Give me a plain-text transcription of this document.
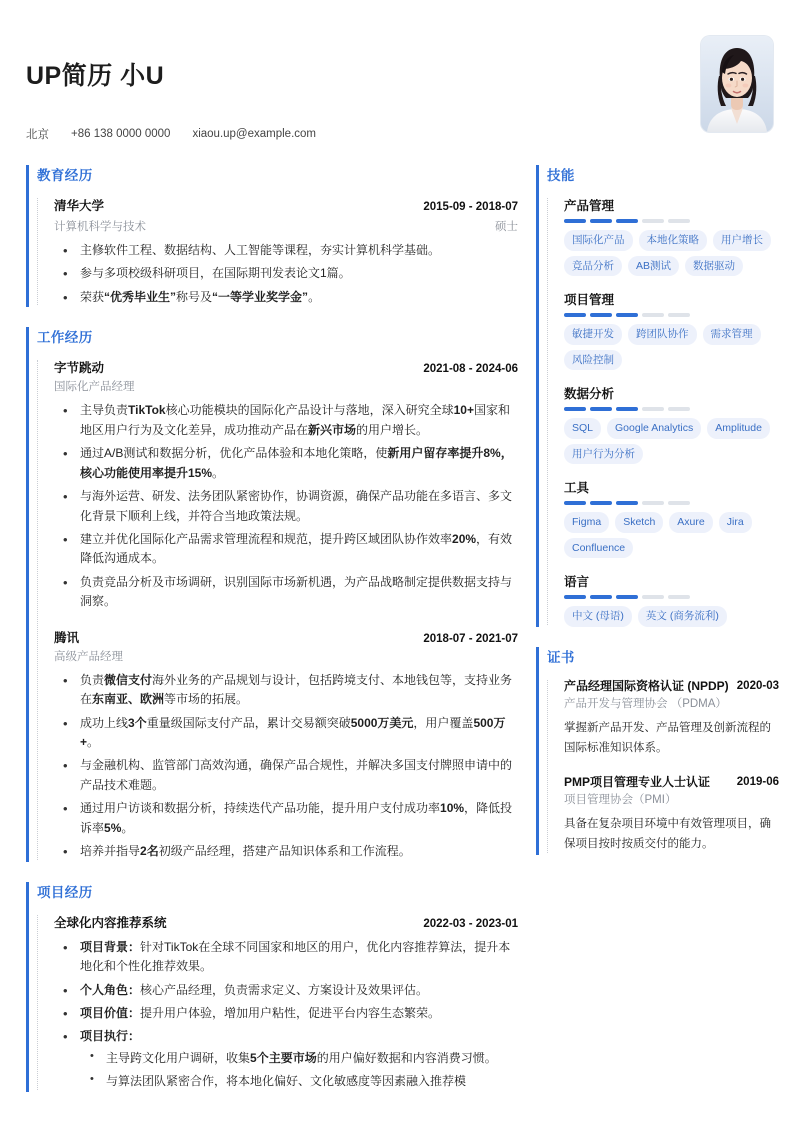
UP简历 小U
北京 +86 138 0000 0000 xiaou.up@example.com
教育经历
清华大学	2015-09 - 2018-07
计算机科学与技术	硕士
• 主修软件工程、数据结构、人工智能等课程，夯实计算机科学基础。
• 参与多项校级科研项目，在国际期刊发表论文1篇。
• 荣获“优秀毕业生”称号及“一等学业奖学金”。
工作经历
字节跳动	2021-08 - 2024-06
国际化产品经理
• 主导负责TikTok核心功能模块的国际化产品设计与落地，深入研究全球10+国家和地区用户行为及文化差异，成功推动产品在新兴市场的用户增长。
• 通过A/B测试和数据分析，优化产品体验和本地化策略，使新用户留存率提升8%，核心功能使用率提升15%。
• 与海外运营、研发、法务团队紧密协作，协调资源，确保产品功能在多语言、多文化背景下顺利上线，并符合当地政策法规。
• 建立并优化国际化产品需求管理流程和规范，提升跨区域团队协作效率20%，有效降低沟通成本。
• 负责竞品分析及市场调研，识别国际市场新机遇，为产品战略制定提供数据支持与洞察。
腾讯	2018-07 - 2021-07
高级产品经理
• 负责微信支付海外业务的产品规划与设计，包括跨境支付、本地钱包等，支持业务在东南亚、欧洲等市场的拓展。
• 成功上线3个重量级国际支付产品，累计交易额突破5000万美元，用户覆盖500万+。
• 与金融机构、监管部门高效沟通，确保产品合规性，并解决多国支付牌照申请中的产品技术难题。
• 通过用户访谈和数据分析，持续迭代产品功能，提升用户支付成功率10%，降低投诉率5%。
• 培养并指导2名初级产品经理，搭建产品知识体系和工作流程。
项目经历
全球化内容推荐系统	2022-03 - 2023-01
• 项目背景：针对TikTok在全球不同国家和地区的用户，优化内容推荐算法，提升本地化和个性化推荐效果。
• 个人角色：核心产品经理，负责需求定义、方案设计及效果评估。
• 项目价值：提升用户体验，增加用户粘性，促进平台内容生态繁荣。
• 项目执行：
• 主导跨文化用户调研，收集5个主要市场的用户偏好数据和内容消费习惯。
• 与算法团队紧密合作，将本地化偏好、文化敏感度等因素融入推荐模
技能
产品管理
国际化产品	本地化策略	用户增长
竞品分析	AB测试	数据驱动
项目管理
敏捷开发	跨团队协作	需求管理
风险控制
数据分析
SQL	Google Analytics	Amplitude
用户行为分析
工具
Figma	Sketch	Axure	Jira
Confluence
语言
中文 (母语)	英文 (商务流利)
证书
2020-03
产品经理国际资格认证 (NPDP)
产品开发与管理协会 （PDMA）
掌握新产品开发、产品管理及创新流程的国际标准知识体系。
2019-06
PMP项目管理专业人士认证
项目管理协会（PMI）
具备在复杂项目环境中有效管理项目，确保项目按时按质交付的能力。
